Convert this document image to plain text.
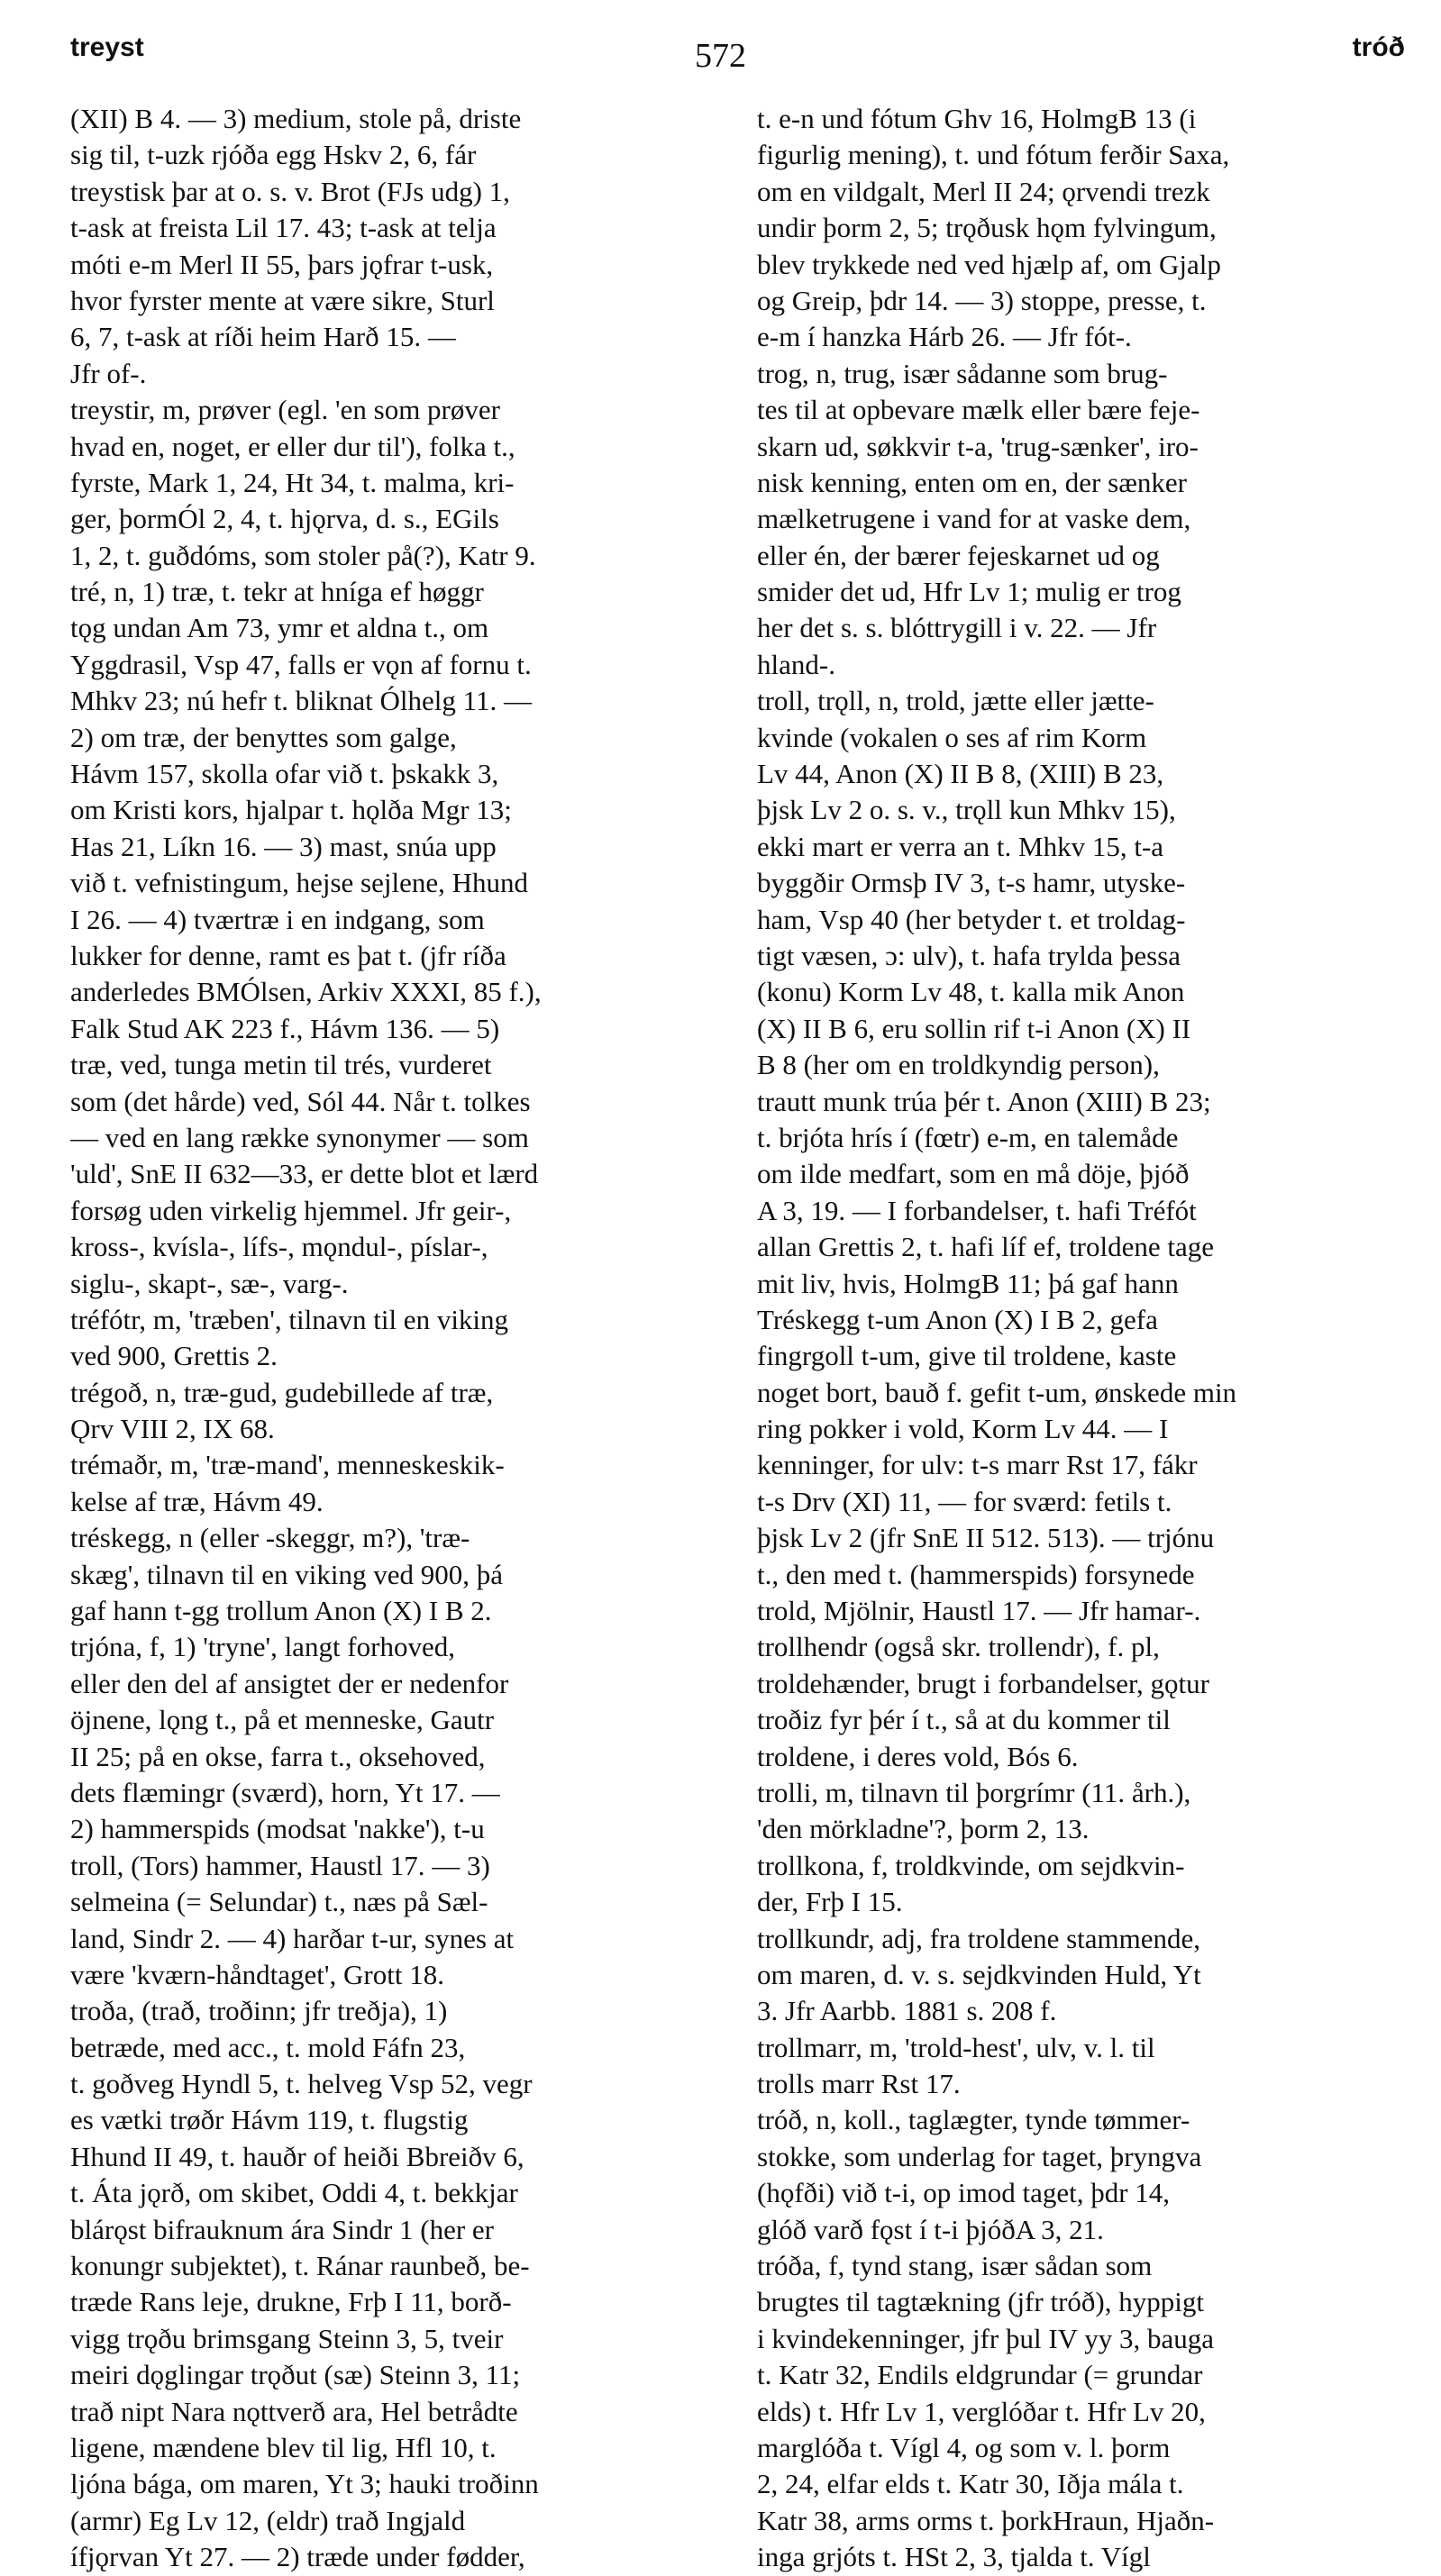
treyst	572	tróð
(XII) B 4. — 3) medium, stole på, driste
sig til, t-uzk rjóða egg Hskv 2, 6, fár
treystisk þar at o. s. v. Brot (FJs udg) 1,
t-ask at freista Lil 17. 43; t-ask at telja
móti e-m Merl II 55, þars jǫfrar t-usk,
hvor fyrster mente at være sikre, Sturl
6, 7, t-ask at ríði heim Harð 15. —
Jfr of-.
treystir, m, prøver (egl. 'en som prøver
hvad en, noget, er eller dur til'), folka t.,
fyrste, Mark 1, 24, Ht 34, t. malma, kri-
ger, þormÓl 2, 4, t. hjǫrva, d. s., EGils
1, 2, t. guðdóms, som stoler på(?), Katr 9.
tré, n, 1) træ, t. tekr at hníga ef høggr
tǫg undan Am 73, ymr et aldna t., om
Yggdrasil, Vsp 47, falls er vǫn af fornu t.
Mhkv 23; nú hefr t. bliknat Ólhelg 11. —
2) om træ, der benyttes som galge,
Hávm 157, skolla ofar við t. þskakk 3,
om Kristi kors, hjalpar t. hǫlða Mgr 13;
Has 21, Líkn 16. — 3) mast, snúa upp
við t. vefnistingum, hejse sejlene, Hhund
I 26. — 4) tværtræ i en indgang, som
lukker for denne, ramt es þat t. (jfr ríða
anderledes BMÓlsen, Arkiv XXXI, 85 f.),
Falk Stud AK 223 f., Hávm 136. — 5)
træ, ved, tunga metin til trés, vurderet
som (det hårde) ved, Sól 44. Når t. tolkes
— ved en lang række synonymer — som
'uld', SnE II 632—33, er dette blot et lærd
forsøg uden virkelig hjemmel. Jfr geir-,
kross-, kvísla-, lífs-, mǫndul-, píslar-,
siglu-, skapt-, sæ-, varg-.
tréfótr, m, 'træben', tilnavn til en viking
ved 900, Grettis 2.
trégoð, n, træ-gud, gudebillede af træ,
Ǫrv VIII 2, IX 68.
trémaðr, m, 'træ-mand', menneskeskik-
kelse af træ, Hávm 49.
tréskegg, n (eller -skeggr, m?), 'træ-
skæg', tilnavn til en viking ved 900, þá
gaf hann t-gg trollum Anon (X) I B 2.
trjóna, f, 1) 'tryne', langt forhoved,
eller den del af ansigtet der er nedenfor
öjnene, lǫng t., på et menneske, Gautr
II 25; på en okse, farra t., oksehoved,
dets flæmingr (sværd), horn, Yt 17. —
2) hammerspids (modsat 'nakke'), t-u
troll, (Tors) hammer, Haustl 17. — 3)
selmeina (= Selundar) t., næs på Sæl-
land, Sindr 2. — 4) harðar t-ur, synes at
være 'kværn-håndtaget', Grott 18.
troða, (trað, troðinn; jfr treðja), 1)
betræde, med acc., t. mold Fáfn 23,
t. goðveg Hyndl 5, t. helveg Vsp 52, vegr
es vætki trøðr Hávm 119, t. flugstig
Hhund II 49, t. hauðr of heiði Bbreiðv 6,
t. Áta jǫrð, om skibet, Oddi 4, t. bekkjar
blárǫst bifrauknum ára Sindr 1 (her er
konungr subjektet), t. Ránar raunbeð, be-
træde Rans leje, drukne, Frþ I 11, borð-
vigg trǫðu brimsgang Steinn 3, 5, tveir
meiri dǫglingar trǫðut (sæ) Steinn 3, 11;
trað nipt Nara nǫttverð ara, Hel betrådte
ligene, mændene blev til lig, Hfl 10, t.
ljóna bága, om maren, Yt 3; hauki troðinn
(armr) Eg Lv 12, (eldr) trað Ingjald
ífjǫrvan Yt 27. — 2) træde under fødder,
t. e-n und fótum Ghv 16, HolmgB 13 (i
figurlig mening), t. und fótum ferðir Saxa,
om en vildgalt, Merl II 24; ǫrvendi trezk
undir þorm 2, 5; trǫðusk hǫm fylvingum,
blev trykkede ned ved hjælp af, om Gjalp
og Greip, þdr 14. — 3) stoppe, presse, t.
e-m í hanzka Hárb 26. — Jfr fót-.
trog, n, trug, især sådanne som brug-
tes til at opbevare mælk eller bære feje-
skarn ud, søkkvir t-a, 'trug-sænker', iro-
nisk kenning, enten om en, der sænker
mælketrugene i vand for at vaske dem,
eller én, der bærer fejeskarnet ud og
smider det ud, Hfr Lv 1; mulig er trog
her det s. s. blóttrygill i v. 22. — Jfr
hland-.
troll, trǫll, n, trold, jætte eller jætte-
kvinde (vokalen o ses af rim Korm
Lv 44, Anon (X) II B 8, (XIII) B 23,
þjsk Lv 2 o. s. v., trǫll kun Mhkv 15),
ekki mart er verra an t. Mhkv 15, t-a
byggðir Ormsþ IV 3, t-s hamr, utyske-
ham, Vsp 40 (her betyder t. et troldag-
tigt væsen, ɔ: ulv), t. hafa trylda þessa
(konu) Korm Lv 48, t. kalla mik Anon
(X) II B 6, eru sollin rif t-i Anon (X) II
B 8 (her om en troldkyndig person),
trautt munk trúa þér t. Anon (XIII) B 23;
t. brjóta hrís í (fœtr) e-m, en talemåde
om ilde medfart, som en må döje, þjóð
A 3, 19. — I forbandelser, t. hafi Tréfót
allan Grettis 2, t. hafi líf ef, troldene tage
mit liv, hvis, HolmgB 11; þá gaf hann
Tréskegg t-um Anon (X) I B 2, gefa
fingrgoll t-um, give til troldene, kaste
noget bort, bauð f. gefit t-um, ønskede min
ring pokker i vold, Korm Lv 44. — I
kenninger, for ulv: t-s marr Rst 17, fákr
t-s Drv (XI) 11, — for sværd: fetils t.
þjsk Lv 2 (jfr SnE II 512. 513). — trjónu
t., den med t. (hammerspids) forsynede
trold, Mjölnir, Haustl 17. — Jfr hamar-.
trollhendr (også skr. trollendr), f. pl,
troldehænder, brugt i forbandelser, gǫtur
troðiz fyr þér í t., så at du kommer til
troldene, i deres vold, Bós 6.
trolli, m, tilnavn til þorgrímr (11. årh.),
'den mörkladne'?, þorm 2, 13.
trollkona, f, troldkvinde, om sejdkvin-
der, Frþ I 15.
trollkundr, adj, fra troldene stammende,
om maren, d. v. s. sejdkvinden Huld, Yt
3. Jfr Aarbb. 1881 s. 208 f.
trollmarr, m, 'trold-hest', ulv, v. l. til
trolls marr Rst 17.
tróð, n, koll., taglægter, tynde tømmer-
stokke, som underlag for taget, þryngva
(hǫfði) við t-i, op imod taget, þdr 14,
glóð varð fǫst í t-i þjóðA 3, 21.
tróða, f, tynd stang, især sådan som
brugtes til tagtækning (jfr tróð), hyppigt
i kvindekenninger, jfr þul IV yy 3, bauga
t. Katr 32, Endils eldgrundar (= grundar
elds) t. Hfr Lv 1, verglóðar t. Hfr Lv 20,
marglóða t. Vígl 4, og som v. l. þorm
2, 24, elfar elds t. Katr 30, Iðja mála t.
Katr 38, arms orms t. þorkHraun, Hjaðn-
inga grjóts t. HSt 2, 3, tjalda t. Vígl
